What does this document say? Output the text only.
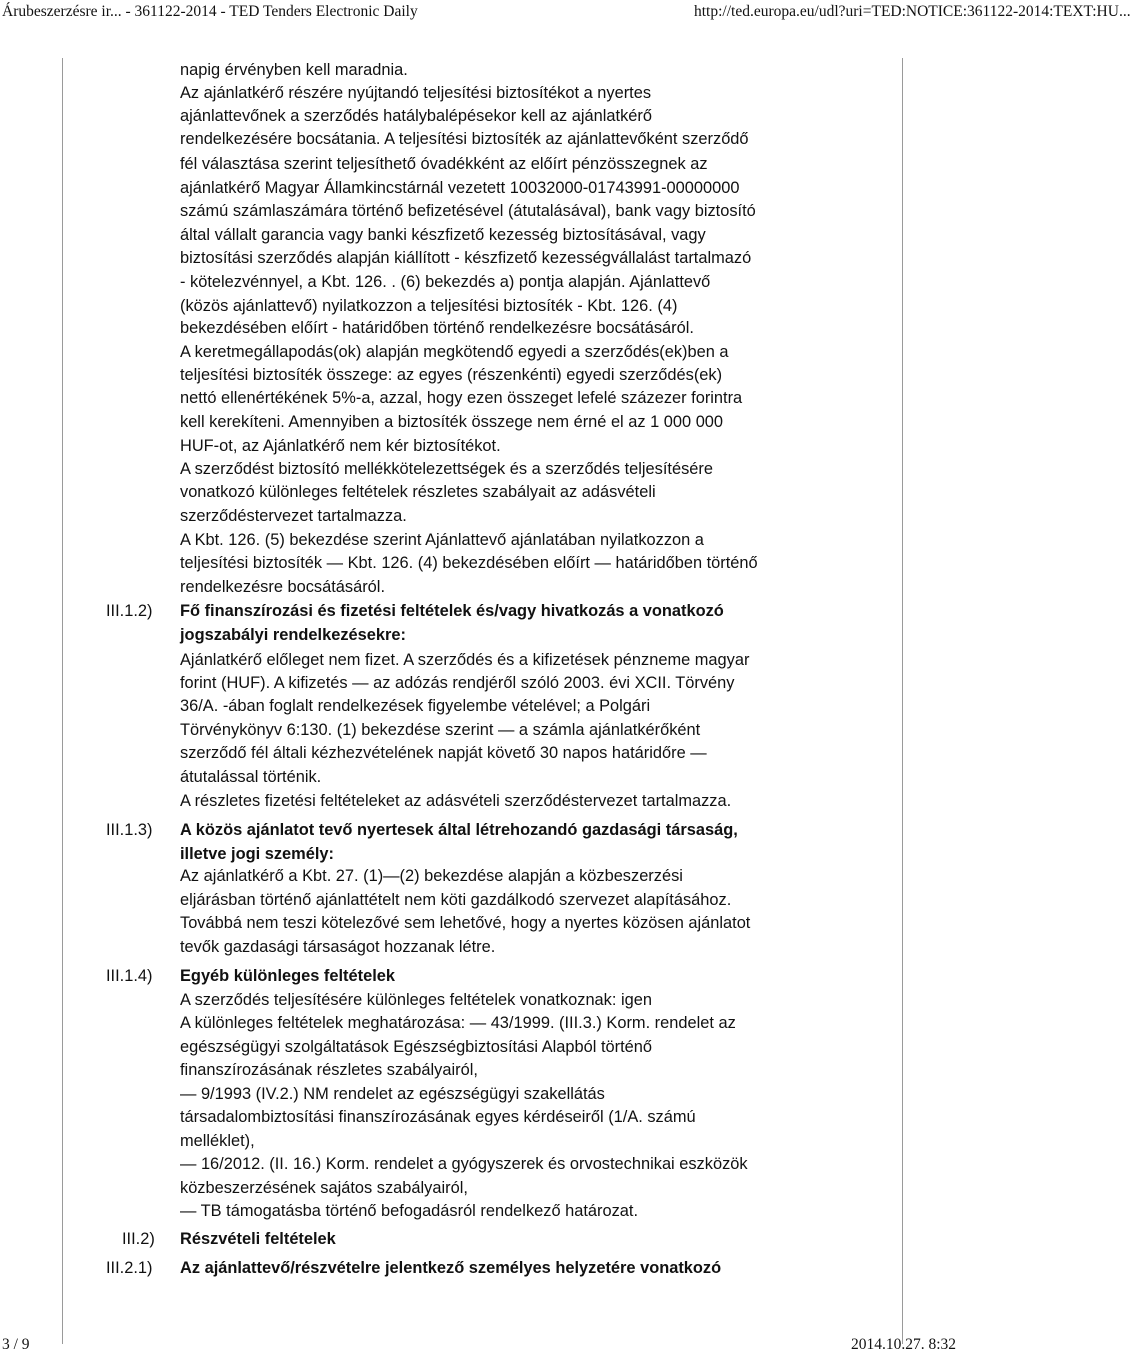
Árubeszerzésre ir... - 361122-2014 - TED Tenders Electronic Daily	http://ted.europa.eu/udl?uri=TED:NOTICE:361122-2014:TEXT:HU...
napig érvényben kell maradnia.
Az ajánlatkérő részére nyújtandó teljesítési biztosítékot a nyertes
ajánlattevőnek a szerződés hatálybalépésekor kell az ajánlatkérő
rendelkezésére bocsátania. A teljesítési biztosíték az ajánlattevőként szerződő
fél választása szerint teljesíthető óvadékként az előírt pénzösszegnek az
ajánlatkérő Magyar Államkincstárnál vezetett 10032000-01743991-00000000
számú számlaszámára történő befizetésével (átutalásával), bank vagy biztosító
által vállalt garancia vagy banki készfizető kezesség biztosításával, vagy
biztosítási szerződés alapján kiállított - készfizető kezességvállalást tartalmazó
- kötelezvénnyel, a Kbt. 126. . (6) bekezdés a) pontja alapján. Ajánlattevő
(közös ajánlattevő) nyilatkozzon a teljesítési biztosíték - Kbt. 126. (4)
bekezdésében előírt - határidőben történő rendelkezésre bocsátásáról.
A keretmegállapodás(ok) alapján megkötendő egyedi a szerződés(ek)ben a
teljesítési biztosíték összege: az egyes (részenkénti) egyedi szerződés(ek)
nettó ellenértékének 5%-a, azzal, hogy ezen összeget lefelé százezer forintra
kell kerekíteni. Amennyiben a biztosíték összege nem érné el az 1 000 000
HUF-ot, az Ajánlatkérő nem kér biztosítékot.
A szerződést biztosító mellékkötelezettségek és a szerződés teljesítésére
vonatkozó különleges feltételek részletes szabályait az adásvételi
szerződéstervezet tartalmazza.
A Kbt. 126. (5) bekezdése szerint Ajánlattevő ajánlatában nyilatkozzon a
teljesítési biztosíték — Kbt. 126. (4) bekezdésében előírt — határidőben történő
rendelkezésre bocsátásáról.
III.1.2) Fő finanszírozási és fizetési feltételek és/vagy hivatkozás a vonatkozó
jogszabályi rendelkezésekre:
Ajánlatkérő előleget nem fizet. A szerződés és a kifizetések pénzneme magyar
forint (HUF). A kifizetés — az adózás rendjéről szóló 2003. évi XCII. Törvény
36/A. -ában foglalt rendelkezések figyelembe vételével; a Polgári
Törvénykönyv 6:130. (1) bekezdése szerint — a számla ajánlatkérőként
szerződő fél általi kézhezvételének napját követő 30 napos határidőre —
átutalással történik.
A részletes fizetési feltételeket az adásvételi szerződéstervezet tartalmazza.
III.1.3) A közös ajánlatot tevő nyertesek által létrehozandó gazdasági társaság,
illetve jogi személy:
Az ajánlatkérő a Kbt. 27. (1)—(2) bekezdése alapján a közbeszerzési
eljárásban történő ajánlattételt nem köti gazdálkodó szervezet alapításához.
Továbbá nem teszi kötelezővé sem lehetővé, hogy a nyertes közösen ajánlatot
tevők gazdasági társaságot hozzanak létre.
III.1.4) Egyéb különleges feltételek
A szerződés teljesítésére különleges feltételek vonatkoznak: igen
A különleges feltételek meghatározása: — 43/1999. (III.3.) Korm. rendelet az
egészségügyi szolgáltatások Egészségbiztosítási Alapból történő
finanszírozásának részletes szabályairól,
— 9/1993 (IV.2.) NM rendelet az egészségügyi szakellátás
társadalombiztosítási finanszírozásának egyes kérdéseiről (1/A. számú
melléklet),
— 16/2012. (II. 16.) Korm. rendelet a gyógyszerek és orvostechnikai eszközök
közbeszerzésének sajátos szabályairól,
— TB támogatásba történő befogadásról rendelkező határozat.
III.2) Részvételi feltételek
III.2.1) Az ajánlattevő/részvételre jelentkező személyes helyzetére vonatkozó
3 / 9	2014.10.27. 8:32
